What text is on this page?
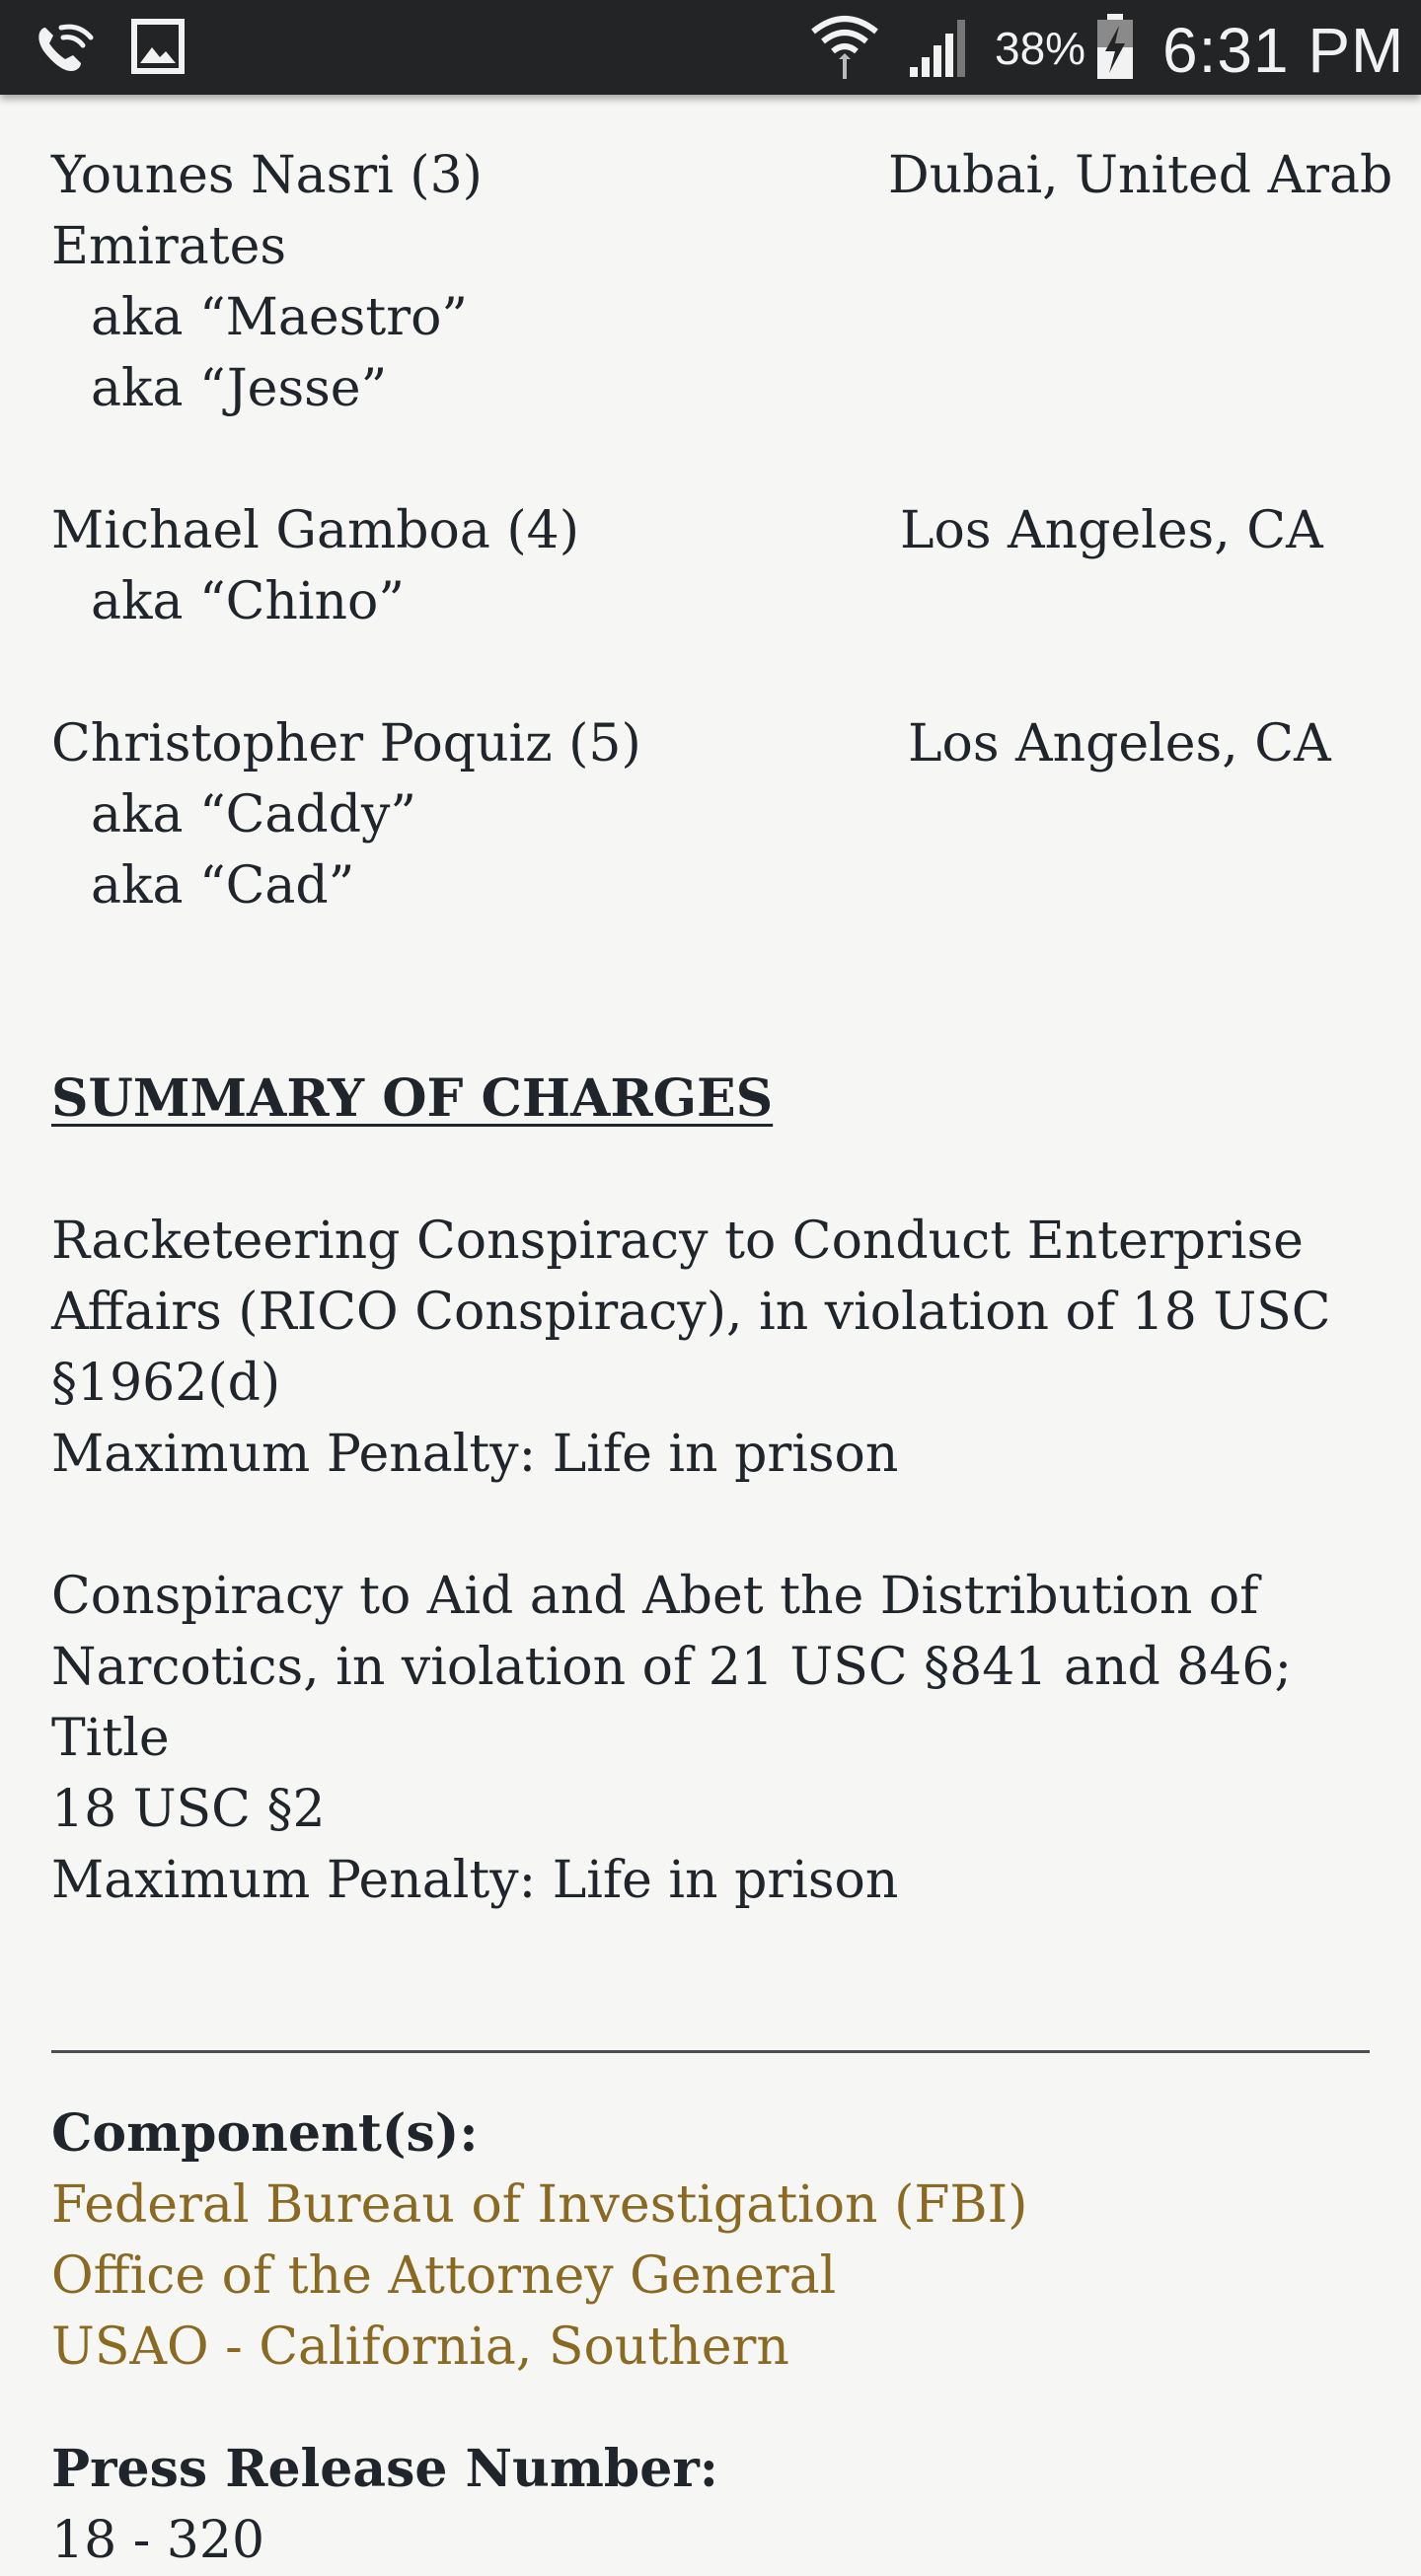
38% 6:31 PM
Younes Nasri (3)	Dubai, United Arab
Emirates
aka “Maestro”
aka “Jesse”
Michael Gamboa (4)	Los Angeles, CA
aka “Chino”
Christopher Poquiz (5)	Los Angeles, CA
aka “Caddy”
aka “Cad”
SUMMARY OF CHARGES
Racketeering Conspiracy to Conduct Enterprise
Affairs (RICO Conspiracy), in violation of 18 USC
§1962(d)
Maximum Penalty: Life in prison
Conspiracy to Aid and Abet the Distribution of
Narcotics, in violation of 21 USC §841 and 846; Title
18 USC §2
Maximum Penalty: Life in prison
Component(s):
Federal Bureau of Investigation (FBI)
Office of the Attorney General
USAO - California, Southern
Press Release Number:
18 - 320
